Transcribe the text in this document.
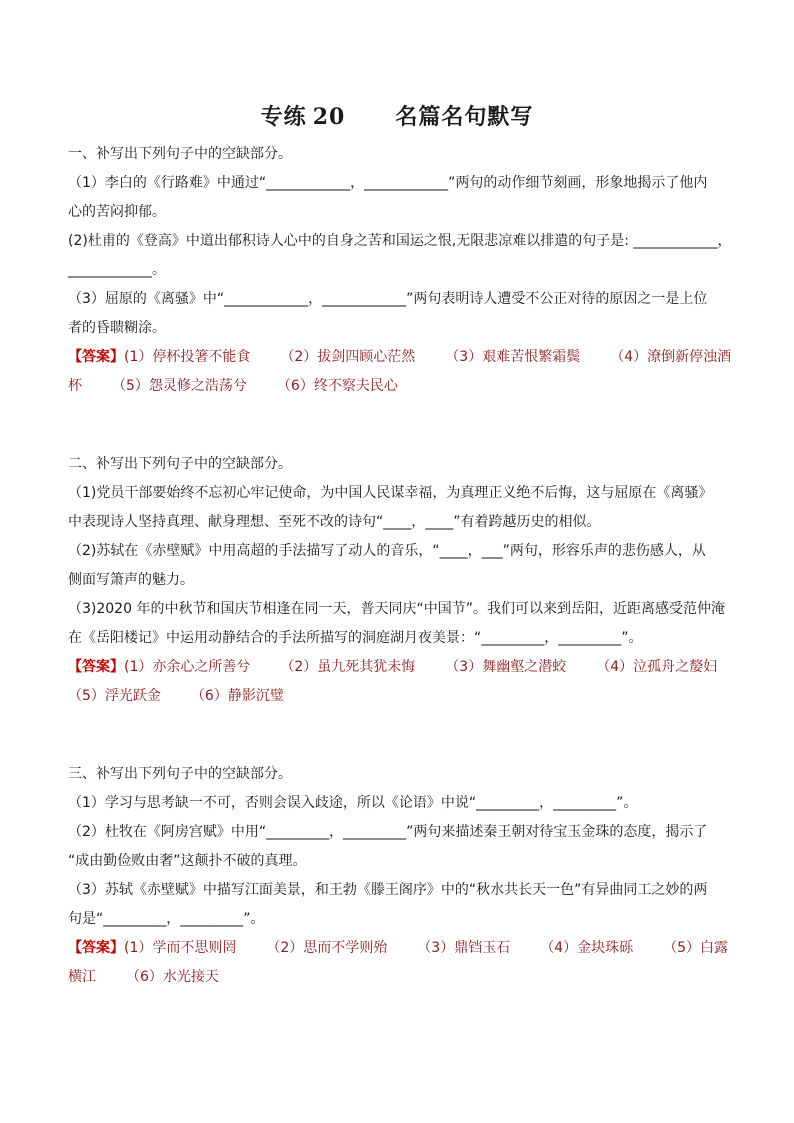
专练 20 名篇名句默写
一、补写出下列句子中的空缺部分。
（1）李白的《行路难》中通过“____________，____________”两句的动作细节刻画，形象地揭示了他内
心的苦闷抑郁。
(2)杜甫的《登高》中道出郁积诗人心中的自身之苦和国运之恨,无限悲凉难以排遣的句子是: ____________，
____________。
（3）屈原的《离骚》中“____________，____________”两句表明诗人遭受不公正对待的原因之一是上位
者的昏聩糊涂。
【答案】(1）停杯投箸不能食 （2）拔剑四顾心茫然 （3）艰难苦恨繁霜鬓 （4）潦倒新停浊酒
杯 （5）怨灵修之浩荡兮 （6）终不察夫民心
二、补写出下列句子中的空缺部分。
（1)党员干部要始终不忘初心牢记使命，为中国人民谋幸福，为真理正义绝不后悔，这与屈原在《离骚》
中表现诗人坚持真理、献身理想、至死不改的诗句“____，____”有着跨越历史的相似。
（2)苏轼在《赤壁赋》中用高超的手法描写了动人的音乐，“____，___”两句，形容乐声的悲伤感人，从
侧面写箫声的魅力。
（3)2020 年的中秋节和国庆节相逢在同一天，普天同庆“中国节”。我们可以来到岳阳，近距离感受范仲淹
在《岳阳楼记》中运用动静结合的手法所描写的洞庭湖月夜美景：“_________，_________”。
【答案】(1）亦余心之所善兮 （2）虽九死其犹未悔 （3）舞幽壑之潜蛟 （4）泣孤舟之嫠妇
（5）浮光跃金 （6）静影沉璧
三、补写出下列句子中的空缺部分。
（1）学习与思考缺一不可，否则会误入歧途，所以《论语》中说“_________，_________”。
（2）杜牧在《阿房宫赋》中用“_________，_________”两句来描述秦王朝对待宝玉金珠的态度，揭示了
“成由勤俭败由奢”这颠扑不破的真理。
（3）苏轼《赤壁赋》中描写江面美景，和王勃《滕王阁序》中的“秋水共长天一色”有异曲同工之妙的两
句是“_________，_________”。
【答案】(1）学而不思则罔 （2）思而不学则殆 （3）鼎铛玉石 （4）金块珠砾 （5）白露
横江 （6）水光接天
